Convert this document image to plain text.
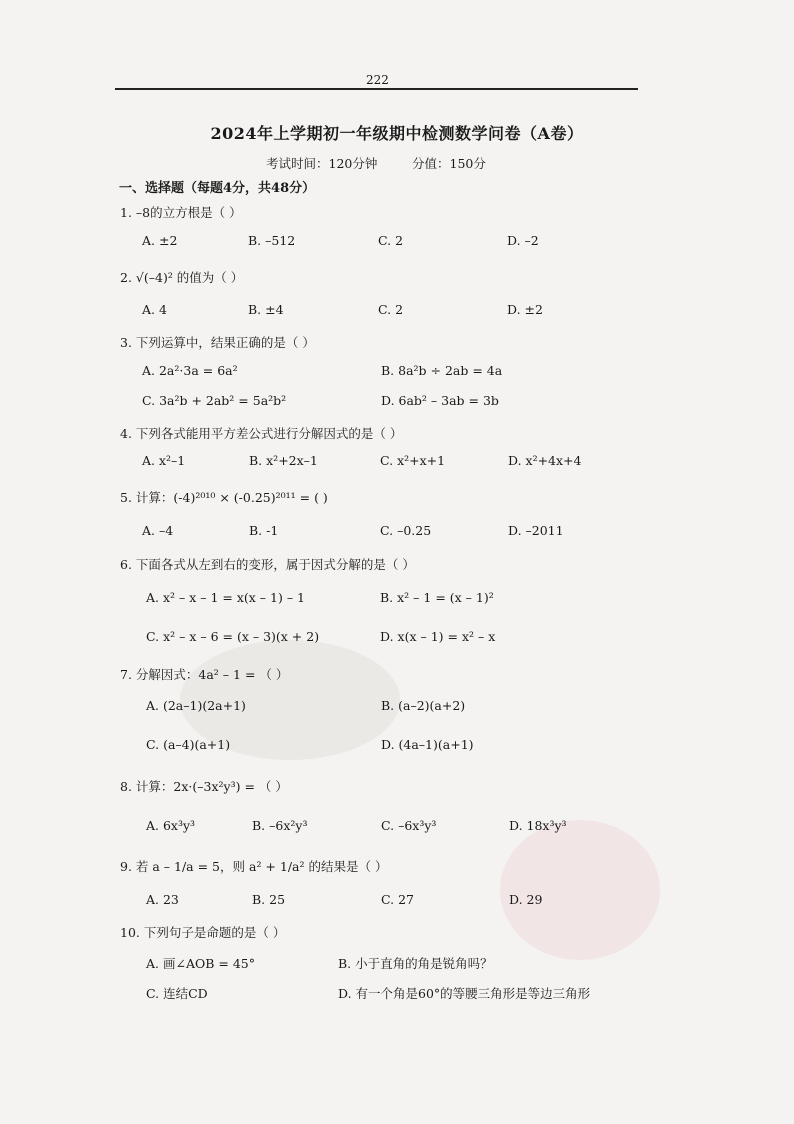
222
2024年上学期初一年级期中检测数学问卷（A卷）
考试时间：120分钟	分值：150分
一、选择题（每题4分，共48分）
1. –8的立方根是（ ）
A. ±2	B. –512	C. 2	D. –2
2. √(–4)² 的值为（ ）
A. 4	B. ±4	C. 2	D. ±2
3. 下列运算中，结果正确的是（ ）
A. 2a²·3a = 6a²	B. 8a²b ÷ 2ab = 4a
C. 3a²b + 2ab² = 5a²b²	D. 6ab² – 3ab = 3b
4. 下列各式能用平方差公式进行分解因式的是（ ）
A. x²–1	B. x²+2x–1	C. x²+x+1	D. x²+4x+4
5. 计算：(-4)²⁰¹⁰ × (-0.25)²⁰¹¹ = ( )
A. –4	B. -1	C. –0.25	D. –2011
6. 下面各式从左到右的变形，属于因式分解的是（ ）
A. x² – x – 1 = x(x – 1) – 1	B. x² – 1 = (x – 1)²
C. x² – x – 6 = (x – 3)(x + 2)	D. x(x – 1) = x² – x
7. 分解因式：4a² – 1 = （ ）
A. (2a–1)(2a+1)	B. (a–2)(a+2)
C. (a–4)(a+1)	D. (4a–1)(a+1)
8. 计算：2x·(–3x²y³) = （ ）
A. 6x³y³	B. –6x²y³	C. –6x³y³	D. 18x³y³
9. 若 a – 1/a = 5，则 a² + 1/a² 的结果是（ ）
A. 23	B. 25	C. 27	D. 29
10. 下列句子是命题的是（ ）
A. 画∠AOB = 45°	B. 小于直角的角是锐角吗？
C. 连结CD	D. 有一个角是60°的等腰三角形是等边三角形
